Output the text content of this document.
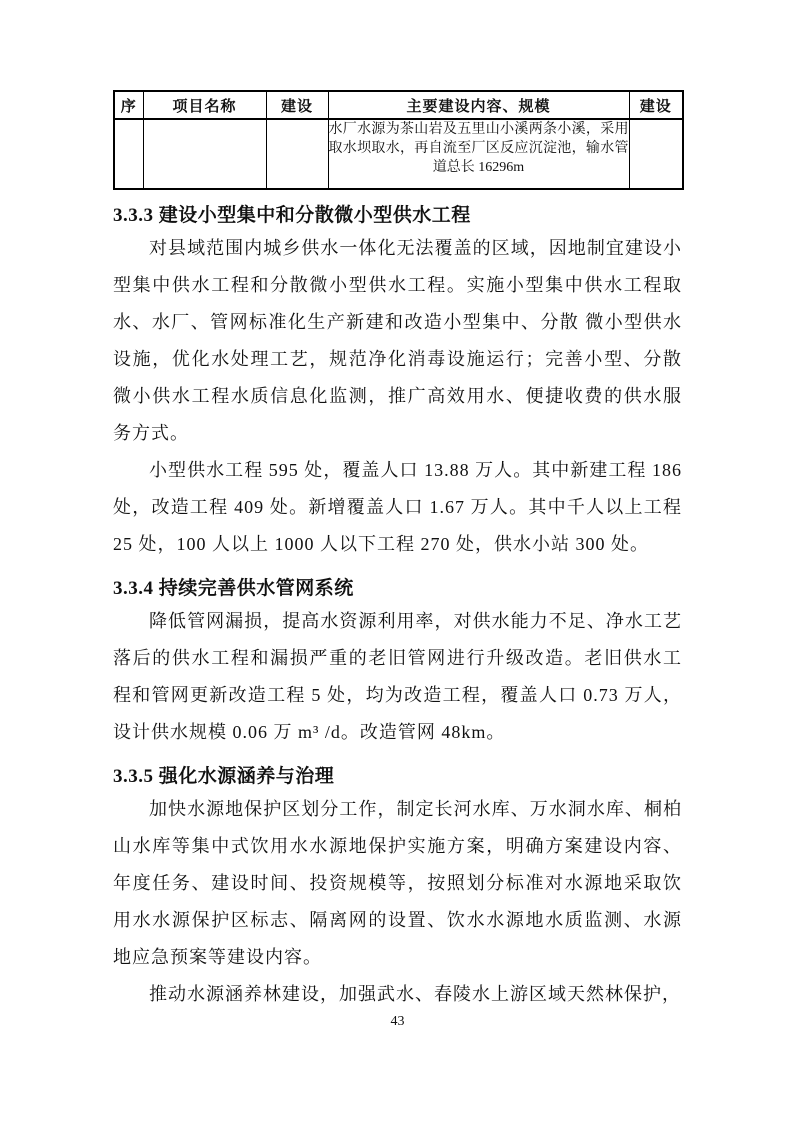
序	项目名称	建设	主要建设内容、规模	建设
			水厂水源为茶山岩及五里山小溪两条小溪，采用取水坝取水，再自流至厂区反应沉淀池，输水管道总长 16296m	
3.3.3 建设小型集中和分散微小型供水工程

对县域范围内城乡供水一体化无法覆盖的区域，因地制宜建设小型集中供水工程和分散微小型供水工程。实施小型集中供水工程取水、水厂、管网标准化生产新建和改造小型集中、分散 微小型供水设施，优化水处理工艺，规范净化消毒设施运行；完善小型、分散微小供水工程水质信息化监测，推广高效用水、便捷收费的供水服务方式。

小型供水工程 595 处，覆盖人口 13.88 万人。其中新建工程 186 处，改造工程 409 处。新增覆盖人口 1.67 万人。其中千人以上工程 25 处，100 人以上 1000 人以下工程 270 处，供水小站 300 处。

3.3.4 持续完善供水管网系统

降低管网漏损，提高水资源利用率，对供水能力不足、净水工艺落后的供水工程和漏损严重的老旧管网进行升级改造。老旧供水工程和管网更新改造工程 5 处，均为改造工程，覆盖人口 0.73 万人，设计供水规模 0.06 万 m³ /d。改造管网 48km。

3.3.5 强化水源涵养与治理

加快水源地保护区划分工作，制定长河水库、万水洞水库、桐柏山水库等集中式饮用水水源地保护实施方案，明确方案建设内容、年度任务、建设时间、投资规模等，按照划分标准对水源地采取饮用水水源保护区标志、隔离网的设置、饮水水源地水质监测、水源地应急预案等建设内容。

推动水源涵养林建设，加强武水、春陵水上游区域天然林保护，

43
